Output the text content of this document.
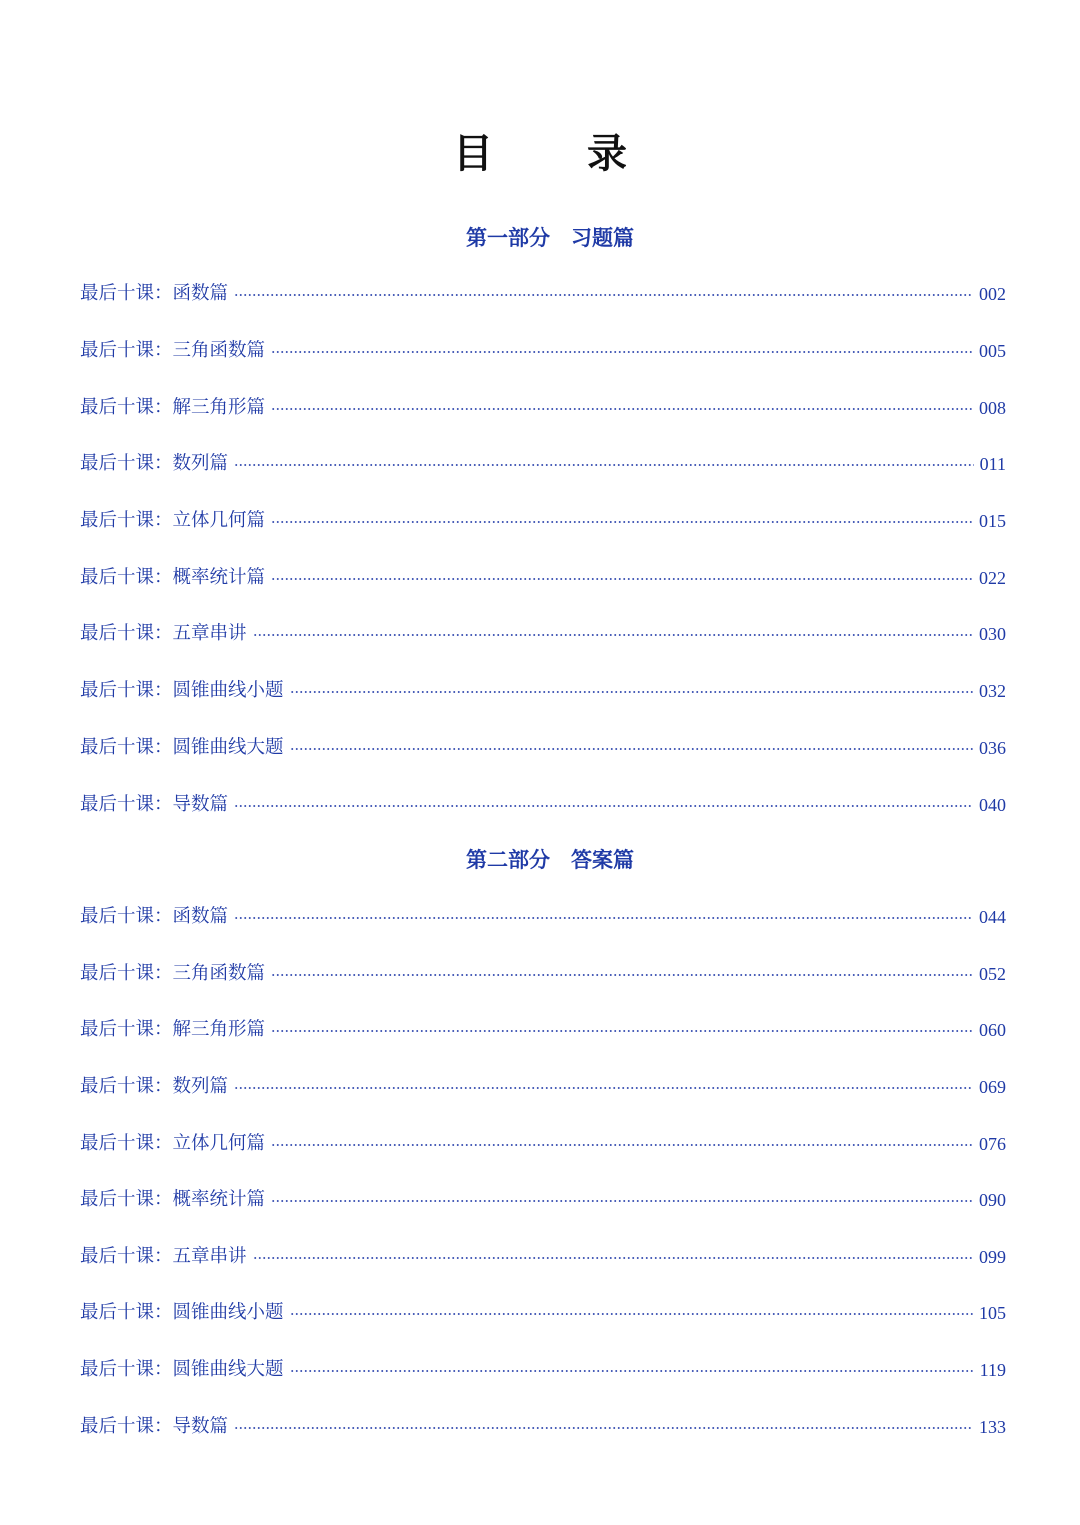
目 录
第一部分　习题篇
最后十课：函数篇	002
最后十课：三角函数篇	005
最后十课：解三角形篇	008
最后十课：数列篇	011
最后十课：立体几何篇	015
最后十课：概率统计篇	022
最后十课：五章串讲	030
最后十课：圆锥曲线小题	032
最后十课：圆锥曲线大题	036
最后十课：导数篇	040
第二部分　答案篇
最后十课：函数篇	044
最后十课：三角函数篇	052
最后十课：解三角形篇	060
最后十课：数列篇	069
最后十课：立体几何篇	076
最后十课：概率统计篇	090
最后十课：五章串讲	099
最后十课：圆锥曲线小题	105
最后十课：圆锥曲线大题	119
最后十课：导数篇	133
